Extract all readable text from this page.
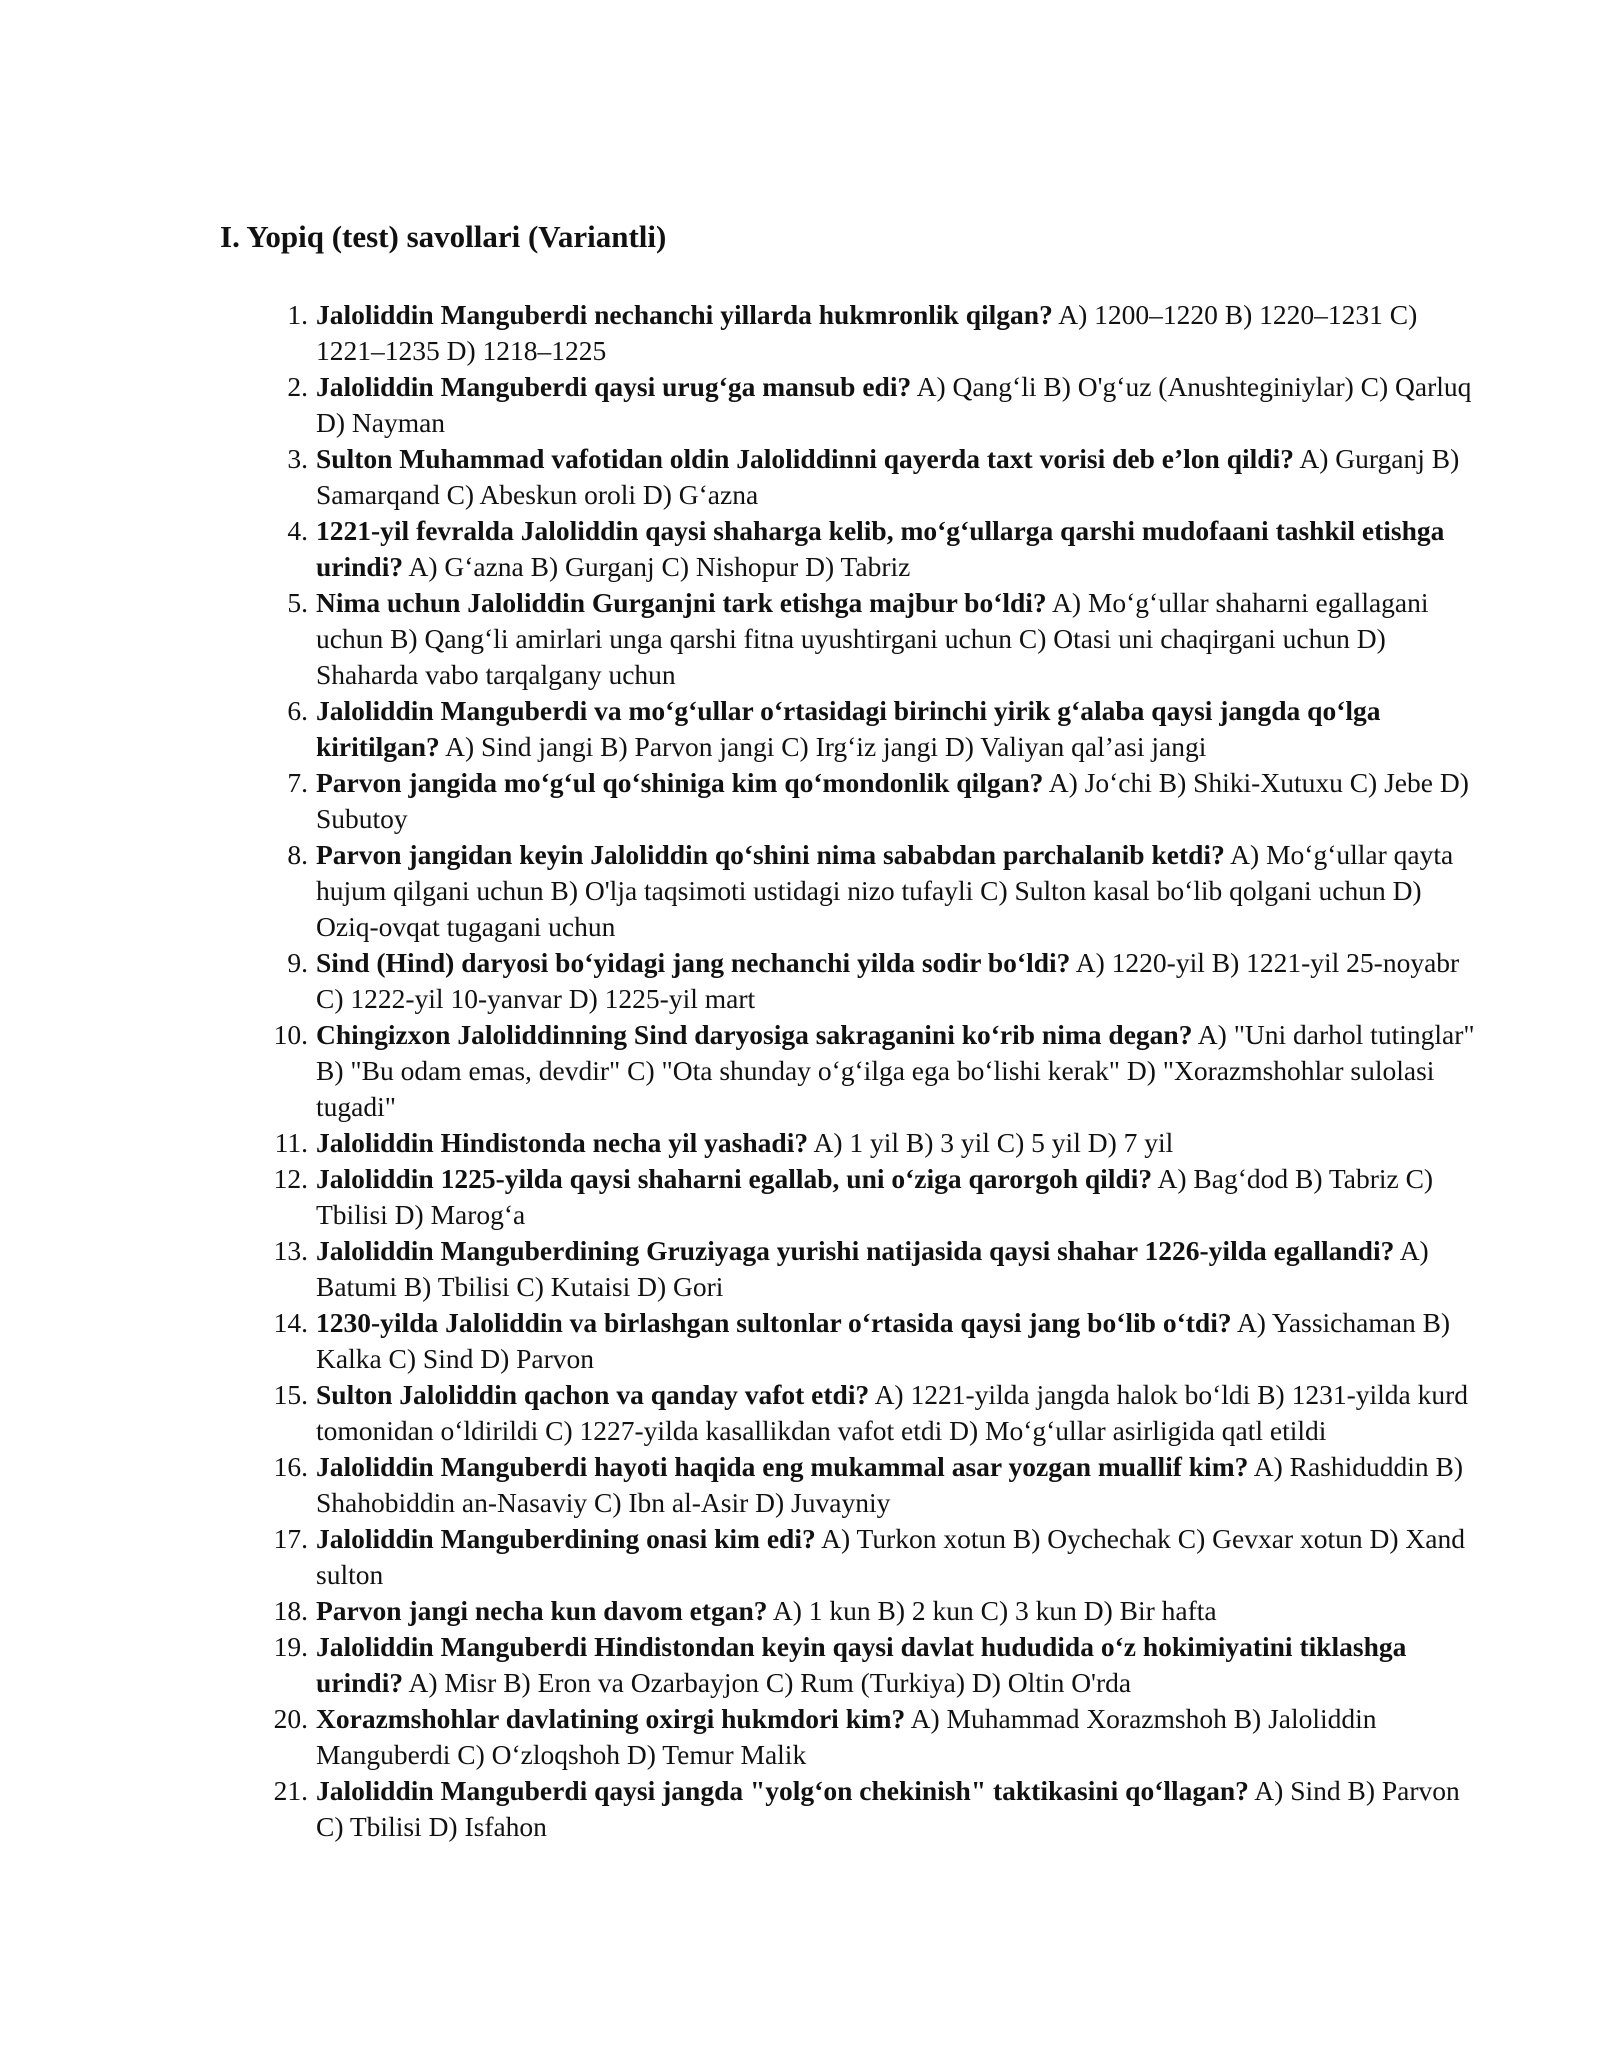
I. Yopiq (test) savollari (Variantli)
1. Jaloliddin Manguberdi nechanchi yillarda hukmronlik qilgan? A) 1200–1220 B) 1220–1231 C) 1221–1235 D) 1218–1225
2. Jaloliddin Manguberdi qaysi urug‘ga mansub edi? A) Qang‘li B) O'g‘uz (Anushteginiylar) C) Qarluq D) Nayman
3. Sulton Muhammad vafotidan oldin Jaloliddinni qayerda taxt vorisi deb e’lon qildi? A) Gurganj B) Samarqand C) Abeskun oroli D) G‘azna
4. 1221-yil fevralda Jaloliddin qaysi shaharga kelib, mo‘g‘ullarga qarshi mudofaani tashkil etishga urindi? A) G‘azna B) Gurganj C) Nishopur D) Tabriz
5. Nima uchun Jaloliddin Gurganjni tark etishga majbur bo‘ldi? A) Mo‘g‘ullar shaharni egallagani uchun B) Qang‘li amirlari unga qarshi fitna uyushtirgani uchun C) Otasi uni chaqirgani uchun D) Shaharda vabo tarqalgany uchun
6. Jaloliddin Manguberdi va mo‘g‘ullar o‘rtasidagi birinchi yirik g‘alaba qaysi jangda qo‘lga kiritilgan? A) Sind jangi B) Parvon jangi C) Irg‘iz jangi D) Valiyan qal’asi jangi
7. Parvon jangida mo‘g‘ul qo‘shiniga kim qo‘mondonlik qilgan? A) Jo‘chi B) Shiki-Xutuxu C) Jebe D) Subutoy
8. Parvon jangidan keyin Jaloliddin qo‘shini nima sababdan parchalanib ketdi? A) Mo‘g‘ullar qayta hujum qilgani uchun B) O'lja taqsimoti ustidagi nizo tufayli C) Sulton kasal bo‘lib qolgani uchun D) Oziq-ovqat tugagani uchun
9. Sind (Hind) daryosi bo‘yidagi jang nechanchi yilda sodir bo‘ldi? A) 1220-yil B) 1221-yil 25-noyabr C) 1222-yil 10-yanvar D) 1225-yil mart
10. Chingizxon Jaloliddinning Sind daryosiga sakraganini ko‘rib nima degan? A) "Uni darhol tutinglar" B) "Bu odam emas, devdir" C) "Ota shunday o‘g‘ilga ega bo‘lishi kerak" D) "Xorazmshohlar sulolasi tugadi"
11. Jaloliddin Hindistonda necha yil yashadi? A) 1 yil B) 3 yil C) 5 yil D) 7 yil
12. Jaloliddin 1225-yilda qaysi shaharni egallab, uni o‘ziga qarorgoh qildi? A) Bag‘dod B) Tabriz C) Tbilisi D) Marog‘a
13. Jaloliddin Manguberdining Gruziyaga yurishi natijasida qaysi shahar 1226-yilda egallandi? A) Batumi B) Tbilisi C) Kutaisi D) Gori
14. 1230-yilda Jaloliddin va birlashgan sultonlar o‘rtasida qaysi jang bo‘lib o‘tdi? A) Yassichaman B) Kalka C) Sind D) Parvon
15. Sulton Jaloliddin qachon va qanday vafot etdi? A) 1221-yilda jangda halok bo‘ldi B) 1231-yilda kurd tomonidan o‘ldirildi C) 1227-yilda kasallikdan vafot etdi D) Mo‘g‘ullar asirligida qatl etildi
16. Jaloliddin Manguberdi hayoti haqida eng mukammal asar yozgan muallif kim? A) Rashiduddin B) Shahobiddin an-Nasaviy C) Ibn al-Asir D) Juvayniy
17. Jaloliddin Manguberdining onasi kim edi? A) Turkon xotun B) Oychechak C) Gevxar xotun D) Xand sulton
18. Parvon jangi necha kun davom etgan? A) 1 kun B) 2 kun C) 3 kun D) Bir hafta
19. Jaloliddin Manguberdi Hindistondan keyin qaysi davlat hududida o‘z hokimiyatini tiklashga urindi? A) Misr B) Eron va Ozarbayjon C) Rum (Turkiya) D) Oltin O'rda
20. Xorazmshohlar davlatining oxirgi hukmdori kim? A) Muhammad Xorazmshoh B) Jaloliddin Manguberdi C) O‘zloqshoh D) Temur Malik
21. Jaloliddin Manguberdi qaysi jangda "yolg‘on chekinish" taktikasini qo‘llagan? A) Sind B) Parvon C) Tbilisi D) Isfahon
